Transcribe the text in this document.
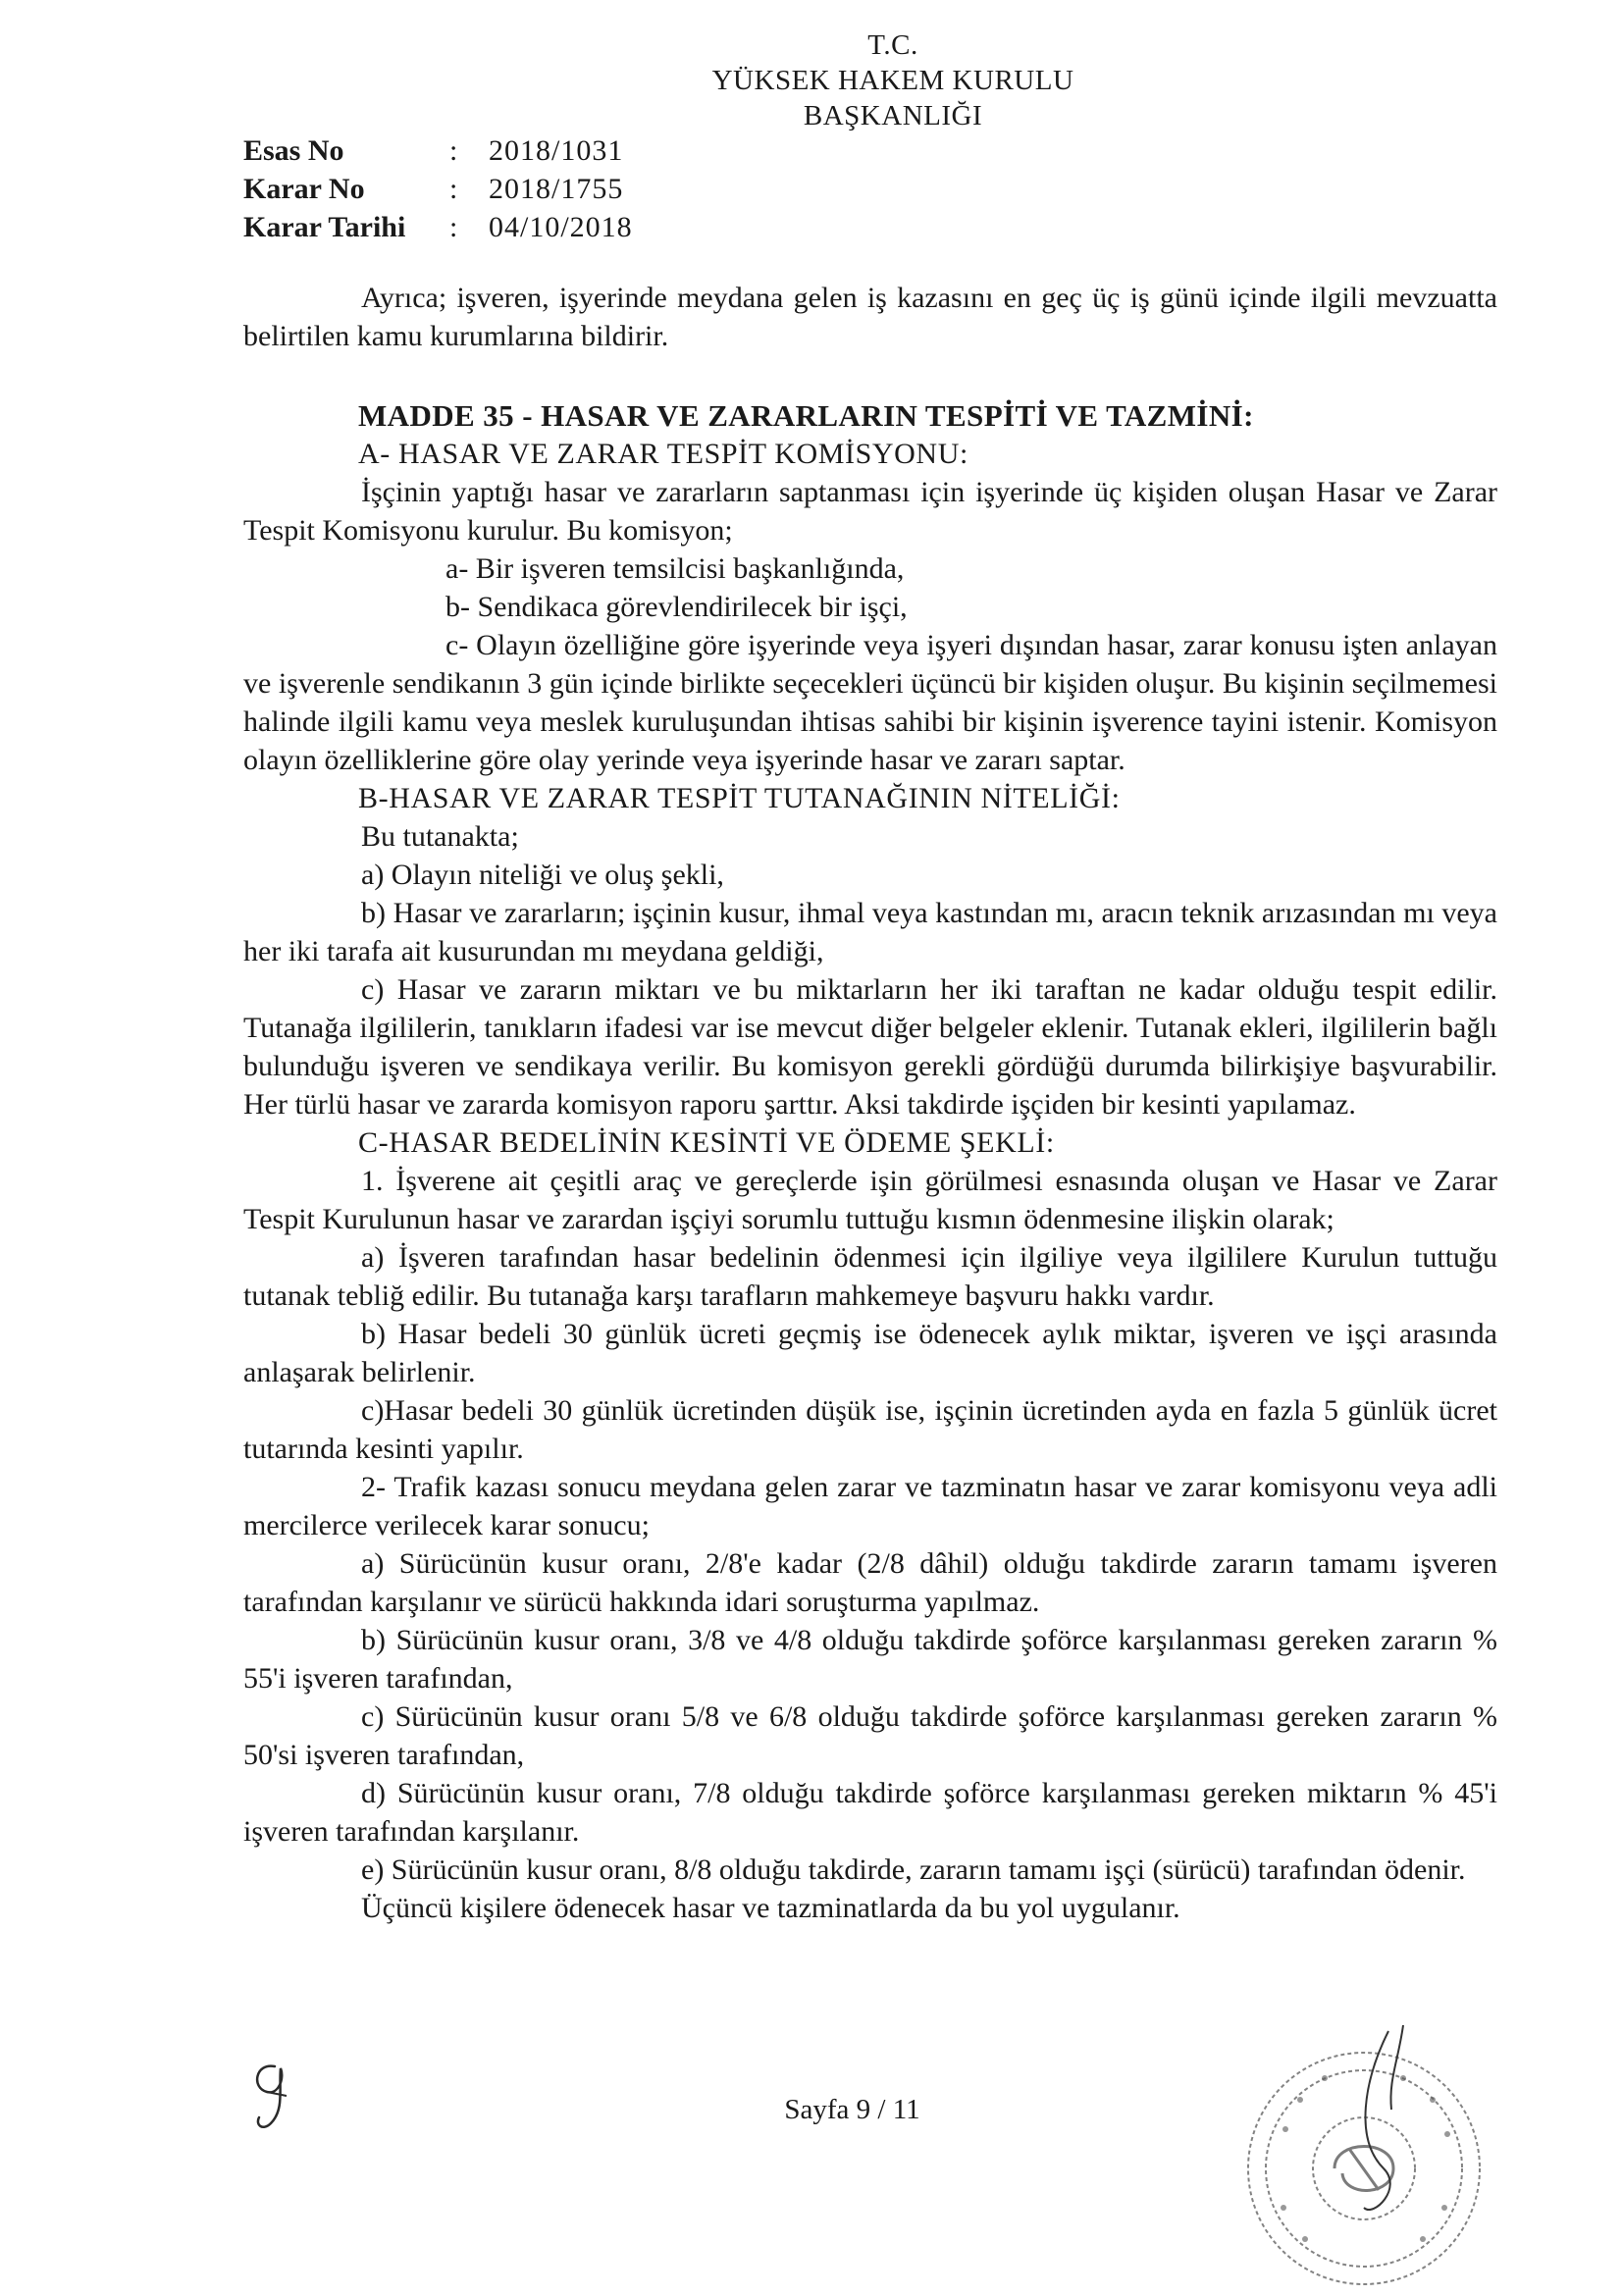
T.C.
YÜKSEK HAKEM KURULU
BAŞKANLIĞI
Esas No	:	2018/1031
Karar No	:	2018/1755
Karar Tarihi	:	04/10/2018

Ayrıca; işveren, işyerinde meydana gelen iş kazasını en geç üç iş günü içinde ilgili mevzuatta belirtilen kamu kurumlarına bildirir.

MADDE 35 - HASAR VE ZARARLARIN TESPİTİ VE TAZMİNİ:

A- HASAR VE ZARAR TESPİT KOMİSYONU:

İşçinin yaptığı hasar ve zararların saptanması için işyerinde üç kişiden oluşan Hasar ve Zarar Tespit Komisyonu kurulur. Bu komisyon;

a- Bir işveren temsilcisi başkanlığında,

b- Sendikaca görevlendirilecek bir işçi,

c- Olayın özelliğine göre işyerinde veya işyeri dışından hasar, zarar konusu işten anlayan ve işverenle sendikanın 3 gün içinde birlikte seçecekleri üçüncü bir kişiden oluşur. Bu kişinin seçilmemesi halinde ilgili kamu veya meslek kuruluşundan ihtisas sahibi bir kişinin işverence tayini istenir. Komisyon olayın özelliklerine göre olay yerinde veya işyerinde hasar ve zararı saptar.

B-HASAR VE ZARAR TESPİT TUTANAĞININ NİTELİĞİ:

Bu tutanakta;

a) Olayın niteliği ve oluş şekli,

b) Hasar ve zararların; işçinin kusur, ihmal veya kastından mı, aracın teknik arızasından mı veya her iki tarafa ait kusurundan mı meydana geldiği,

c) Hasar ve zararın miktarı ve bu miktarların her iki taraftan ne kadar olduğu tespit edilir. Tutanağa ilgililerin, tanıkların ifadesi var ise mevcut diğer belgeler eklenir. Tutanak ekleri, ilgililerin bağlı bulunduğu işveren ve sendikaya verilir. Bu komisyon gerekli gördüğü durumda bilirkişiye başvurabilir. Her türlü hasar ve zararda komisyon raporu şarttır. Aksi takdirde işçiden bir kesinti yapılamaz.

C-HASAR BEDELİNİN KESİNTİ VE ÖDEME ŞEKLİ:

1. İşverene ait çeşitli araç ve gereçlerde işin görülmesi esnasında oluşan ve Hasar ve Zarar Tespit Kurulunun hasar ve zarardan işçiyi sorumlu tuttuğu kısmın ödenmesine ilişkin olarak;

a) İşveren tarafından hasar bedelinin ödenmesi için ilgiliye veya ilgililere Kurulun tuttuğu tutanak tebliğ edilir. Bu tutanağa karşı tarafların mahkemeye başvuru hakkı vardır.

b) Hasar bedeli 30 günlük ücreti geçmiş ise ödenecek aylık miktar, işveren ve işçi arasında anlaşarak belirlenir.

c)Hasar bedeli 30 günlük ücretinden düşük ise, işçinin ücretinden ayda en fazla 5 günlük ücret tutarında kesinti yapılır.

2- Trafik kazası sonucu meydana gelen zarar ve tazminatın hasar ve zarar komisyonu veya adli mercilerce verilecek karar sonucu;

a) Sürücünün kusur oranı, 2/8'e kadar (2/8 dâhil) olduğu takdirde zararın tamamı işveren tarafından karşılanır ve sürücü hakkında idari soruşturma yapılmaz.

b) Sürücünün kusur oranı, 3/8 ve 4/8 olduğu takdirde şoförce karşılanması gereken zararın % 55'i işveren tarafından,

c) Sürücünün kusur oranı 5/8 ve 6/8 olduğu takdirde şoförce karşılanması gereken zararın % 50'si işveren tarafından,

d) Sürücünün kusur oranı, 7/8 olduğu takdirde şoförce karşılanması gereken miktarın % 45'i işveren tarafından karşılanır.

e) Sürücünün kusur oranı, 8/8 olduğu takdirde, zararın tamamı işçi (sürücü) tarafından ödenir.

Üçüncü kişilere ödenecek hasar ve tazminatlarda da bu yol uygulanır.

Sayfa 9 / 11
